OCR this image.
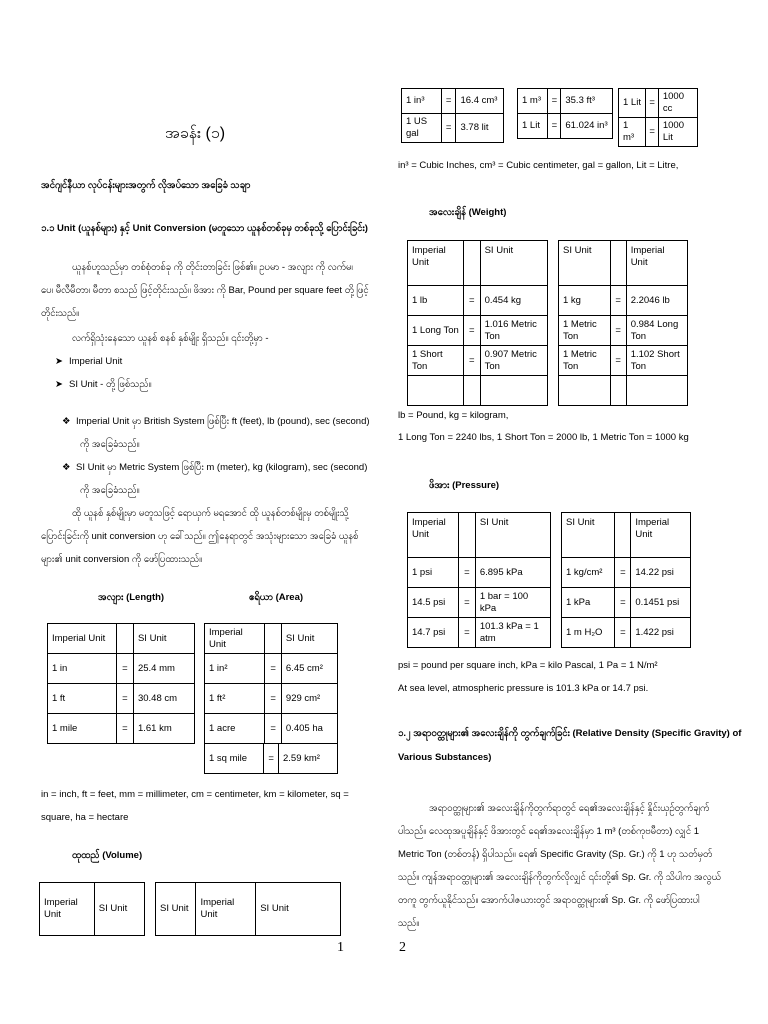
အခန်း (၁)
အင်ဂျင်နီယာ လုပ်ငန်းများအတွက် လိုအပ်သော အခြေခံ သချာ
၁.၁ Unit (ယူနစ်များ) နှင့် Unit Conversion (မတူသော ယူနစ်တစ်ခုမှ တစ်ခုသို့ ပြောင်းခြင်း)
ယူနစ်ဟူသည်မှာ တစ်စုံတစ်ခု ကို တိုင်းတာခြင်း ဖြစ်၏။ ဥပမာ - အလျား ကို လက်မ၊
ပေ၊ မီလီမီတာ၊ မီတာ စသည် ဖြင့်တိုင်းသည်။ ဖိအား ကို Bar, Pound per square feet တို့ဖြင့်
တိုင်းသည်။
လက်ရှိသုံးနေသော ယူနစ် စနစ် နှစ်မျိုး ရှိသည်။ ၎င်းတို့မှာ -
➤ Imperial Unit
➤ SI Unit - တို့ ဖြစ်သည်။
❖ Imperial Unit မှာ British System ဖြစ်ပြီး ft (feet), lb (pound), sec (second)
ကို အခြေခံသည်။
❖ SI Unit မှာ Metric System ဖြစ်ပြီး m (meter), kg (kilogram), sec (second)
ကို အခြေခံသည်။
ထို ယူနစ် နှစ်မျိုးမှာ မတူသဖြင့် ရောယှက် မရအောင် ထို ယူနစ်တစ်မျိုးမှ တစ်မျိုးသို့
ပြောင်းခြင်းကို unit conversion ဟု ခေါ်သည်။ ဤနေရာတွင် အသုံးများသော အခြေခံ ယူနစ်
များ၏ unit conversion ကို ဖော်ပြထားသည်။
အလျား (Length)	ဧရိယာ (Area)
Imperial Unit		SI Unit
1 in	=	25.4 mm
1 ft	=	30.48 cm
1 mile	=	1.61 km
Imperial Unit		SI Unit
1 in²	=	6.45 cm²
1 ft²	=	929 cm²
1 acre	=	0.405 ha
1 sq mile	=	2.59 km²
in = inch, ft = feet, mm = millimeter, cm = centimeter, km = kilometer, sq =
square, ha = hectare
ထုထည် (Volume)
Imperial Unit	SI Unit	SI Unit	Imperial Unit	SI Unit
1
1 in³	=	16.4 cm³
1 US gal	=	3.78 lit
1 m³	=	35.3 ft³
1 Lit	=	61.024 in³
1 Lit	=	1000 cc
1 m³	=	1000 Lit
in³ = Cubic Inches, cm³ = Cubic centimeter, gal = gallon, Lit = Litre,
အလေးချိန် (Weight)
Imperial Unit		SI Unit
1 lb	=	0.454 kg
1 Long Ton	=	1.016 Metric Ton
1 Short Ton	=	0.907 Metric Ton

SI Unit		Imperial Unit
1 kg	=	2.2046 lb
1 Metric Ton	=	0.984 Long Ton
1 Metric Ton	=	1.102 Short Ton

lb = Pound, kg = kilogram,
1 Long Ton = 2240 lbs, 1 Short Ton = 2000 lb, 1 Metric Ton = 1000 kg
ဖိအား (Pressure)
Imperial Unit		SI Unit
1 psi	=	6.895 kPa
14.5 psi	=	1 bar = 100 kPa
14.7 psi	=	101.3 kPa = 1 atm
SI Unit		Imperial Unit
1 kg/cm²	=	14.22 psi
1 kPa	=	0.1451 psi
1 m H₂O	=	1.422 psi
psi = pound per square inch, kPa = kilo Pascal, 1 Pa = 1 N/m²
At sea level, atmospheric pressure is 101.3 kPa or 14.7 psi.
၁.၂ အရာဝတ္ထုများ၏ အလေးချိန်ကို တွက်ချက်ခြင်း (Relative Density (Specific Gravity) of
Various Substances)
အရာဝတ္ထုများ၏ အလေးချိန်ကိုတွက်ရာတွင် ရေ၏အလေးချိန်နှင့် နှိုင်းယှဉ်တွက်ချက်
ပါသည်။ လေထုအပူချိန်နှင့် ဖိအားတွင် ရေ၏အလေးချိန်မှာ 1 m³ (တစ်ကုဗမီတာ) လျှင် 1
Metric Ton (တစ်တန်) ရှိပါသည်။ ရေ၏ Specific Gravity (Sp. Gr.) ကို 1 ဟု သတ်မှတ်
သည်။ ကျန်အရာဝတ္ထုများ၏ အလေးချိန်ကိုတွက်လိုလျှင် ၎င်းတို့၏ Sp. Gr. ကို သိပါက အလွယ်
တကူ တွက်ယူနိုင်သည်။ အောက်ပါဇယားတွင် အရာဝတ္ထုများ၏ Sp. Gr. ကို ဖော်ပြထားပါ
သည်။
2
